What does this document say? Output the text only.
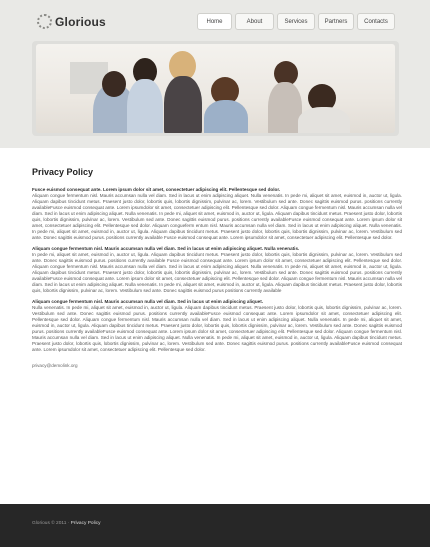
Glorious	Home	About	Services	Partners	Contacts
Privacy Policy

Fusce euismod consequat ante. Lorem ipsum dolor sit amet, consectetuer adipiscing elit. Pellentesque sed dolor.
Aliquam congue fermentum nisl. Mauris accumsan nulla vel diam. Sed in lacus ut enim adipiscing aliquet. Nulla venenatis. In pede mi, aliquet sit amet, euismod in, auctor ut, ligula. Aliquam dapibus tincidunt metus. Praesent justo dolor, lobortis quis, lobortis dignissim, pulvinar ac, lorem. Vestibulum sed ante. Donec sagittis euismod purus. positions currently availableFusce euismod consequat ante. Lorem ipsumdolor sit amet, consectetuer adipiscing elit. Pellentesque sed dolor. Aliquam congue fermentum nisl. Mauris accumsan nulla vel diam. Sed in lacus ut enim adipiscing aliquet. Nulla venenatis. In pede mi, aliquet sit amet, euismod in, auctor ut, ligula. Aliquam dapibus tincidunt metus. Praesent justo dolor, lobortis quis, lobortis dignissim, pulvinar ac, lorem. Vestibulum sed ante. Donec sagittis euismod purus. positions currently availableFusce euismod consequat ante. Lorem ipsum dolor sit amet, consectetuer adipiscing elit. Pellentesque sed dolor. Aliquam congueferm entum nisl. Mauris accumsan nulla vel diam. Sed in lacus ut enim adipiscing aliquet. Nulla venenatis. In pede mi, aliquet sit amet, euismod in, auctor ut, ligula. Aliquam dapibus tincidunt metus. Praesent justo dolor, lobortis quis, lobortis dignissim, pulvinar ac, lorem. Vestibulum sed ante. Donec sagittis euismod purus. positions currently available Fusce euismod consequat ante. Lorem ipsumdolor sit amet, consectetuer adipiscing elit. Pellentesque sed dolor.

Aliquam congue fermentum nisl. Mauris accumsan nulla vel diam. Sed in lacus ut enim adipiscing aliquet. Nulla venenatis.
In pede mi, aliquet sit amet, euismod in, auctor ut, ligula. Aliquam dapibus tincidunt metus. Praesent justo dolor, lobortis quis, lobortis dignissim, pulvinar ac, lorem. Vestibulum sed ante. Donec sagittis euismod purus. positions currently available Fusce euismod consequat ante. Lorem ipsum dolor sit amet, consectetuer adipiscing elit. Pellentesque sed dolor. Aliquam congue fermentum nisl. Mauris accumsan nulla vel diam. Sed in lacus ut enim adipiscing aliquet. Nulla venenatis. In pede mi, aliquet sit amet, euismod in, auctor ut, ligula. Aliquam dapibus tincidunt metus. Praesent justo dolor, lobortis quis, lobortis dignissim, pulvinar ac, lorem. Vestibulum sed ante. Donec sagittis euismod purus. positions currently availableFusce euismod consequat ante. Lorem ipsum dolor sit amet, consectetuer adipiscing elit. Pellentesque sed dolor. Aliquam congue fermentum nisl. Mauris accumsan nulla vel diam. Sed in lacus ut enim adipiscing aliquet. Nulla venenatis. In pede mi, aliquet sit amet, euismod in, auctor ut, ligula. Aliquam dapibus tincidunt metus. Praesent justo dolor, lobortis quis, lobortis dignissim, pulvinar ac, lorem. Vestibulum sed ante. Donec sagittis euismod purus positions currently available

Aliquam congue fermentum nisl. Mauris accumsan nulla vel diam. Sed in lacus ut enim adipiscing aliquet.
Nulla venenatis. In pede mi, aliquet sit amet, euismod in, auctor ut, ligula. Aliquam dapibus tincidunt metus. Praesent justo dolor, lobortis quis, lobortis dignissim, pulvinar ac, lorem. Vestibulum sed ante. Donec sagittis euismod purus. positions currently availableFusce euismod consequat ante. Lorem ipsumdolor sit amet, consectetuer adipiscing elit. Pellentesque sed dolor. Aliquam congue fermentum nisl. Mauris accumsan nulla vel diam. Sed in lacus ut enim adipiscing aliquet. Nulla venenatis. In pede mi, aliquet sit amet, euismod in, auctor ut, ligula. Aliquam dapibus tincidunt metus. Praesent justo dolor, lobortis quis, lobortis dignissim, pulvinar ac, lorem. Vestibulum sed ante. Donec sagittis euismod purus. positions currently availableFusce euismod consequat ante. Lorem ipsum dolor sit amet, consectetuer adipiscing elit. Pellentesque sed dolor. Aliquam congue fermentum nisl. Mauris accumsan nulla vel diam. Sed in lacus ut enim adipiscing aliquet. Nulla venenatis. In pede mi, aliquet sit amet, euismod in, auctor ut, ligula. Aliquam dapibus tincidunt metus. Praesent justo dolor, lobortis quis, lobortis dignissim, pulvinar ac, lorem. Vestibulum sed ante. Donec sagittis euismod purus. positions currently availableFusce euismod consequat ante. Lorem ipsumdolor sit amet, consectetuer adipiscing elit. Pellentesque sed dolor.

privacy@demolink.org
Glorious © 2011 · Privacy Policy
